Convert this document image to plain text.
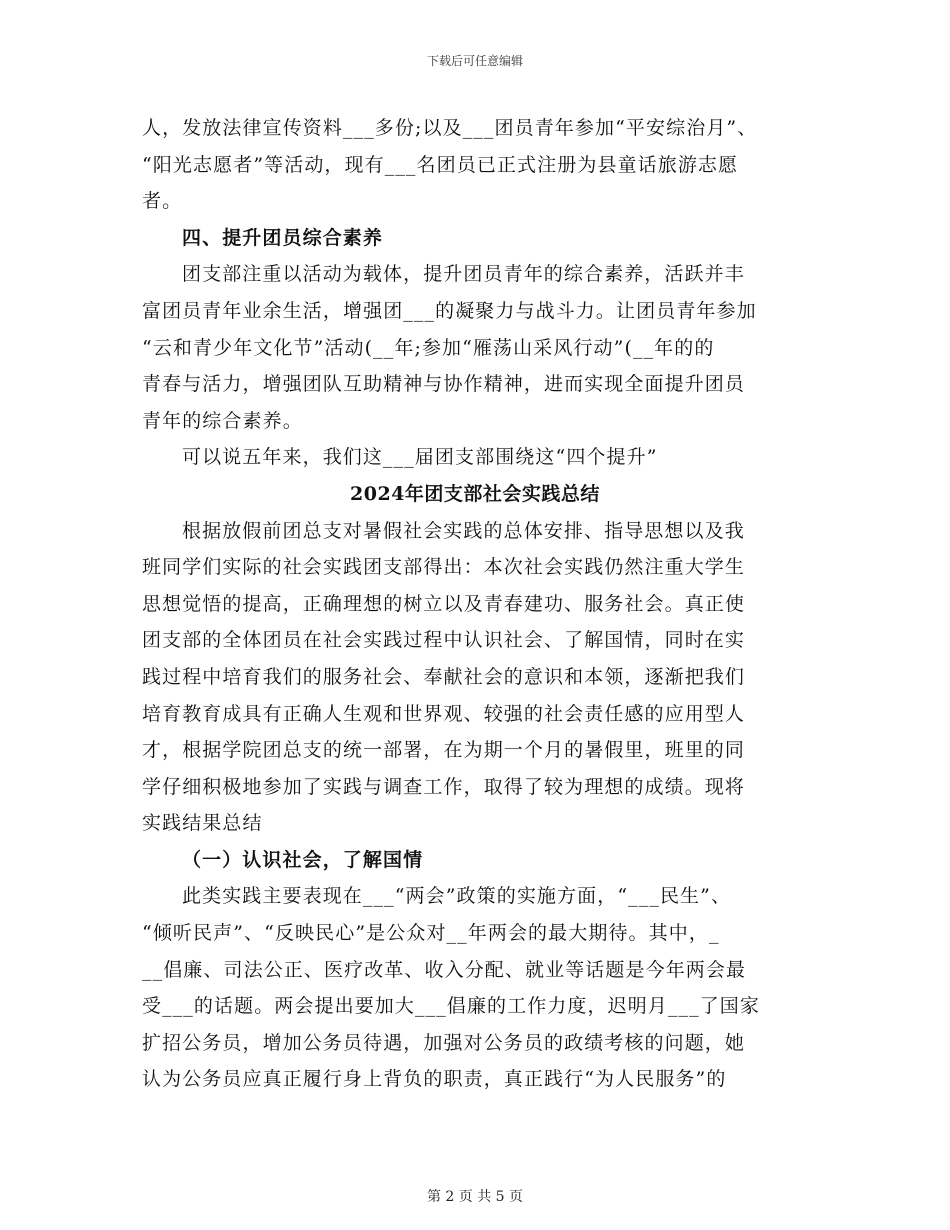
下载后可任意编辑
人，发放法律宣传资料___多份;以及___团员青年参加“平安综治月”、
“阳光志愿者”等活动，现有___名团员已正式注册为县童话旅游志愿
者。
四、提升团员综合素养
团支部注重以活动为载体，提升团员青年的综合素养，活跃并丰
富团员青年业余生活，增强团___的凝聚力与战斗力。让团员青年参加
“云和青少年文化节”活动(__年;参加“雁荡山采风行动”(__年的的
青春与活力，增强团队互助精神与协作精神，进而实现全面提升团员
青年的综合素养。
可以说五年来，我们这___届团支部围绕这“四个提升”
2024年团支部社会实践总结
根据放假前团总支对暑假社会实践的总体安排、指导思想以及我
班同学们实际的社会实践团支部得出：本次社会实践仍然注重大学生
思想觉悟的提高，正确理想的树立以及青春建功、服务社会。真正使
团支部的全体团员在社会实践过程中认识社会、了解国情，同时在实
践过程中培育我们的服务社会、奉献社会的意识和本领，逐渐把我们
培育教育成具有正确人生观和世界观、较强的社会责任感的应用型人
才，根据学院团总支的统一部署，在为期一个月的暑假里，班里的同
学仔细积极地参加了实践与调查工作，取得了较为理想的成绩。现将
实践结果总结
（一）认识社会，了解国情
此类实践主要表现在___“两会”政策的实施方面，“___民生”、
“倾听民声”、“反映民心”是公众对__年两会的最大期待。其中，_
__倡廉、司法公正、医疗改革、收入分配、就业等话题是今年两会最
受___的话题。两会提出要加大___倡廉的工作力度，迟明月___了国家
扩招公务员，增加公务员待遇，加强对公务员的政绩考核的问题，她
认为公务员应真正履行身上背负的职责，真正践行“为人民服务”的
第 2 页 共 5 页
